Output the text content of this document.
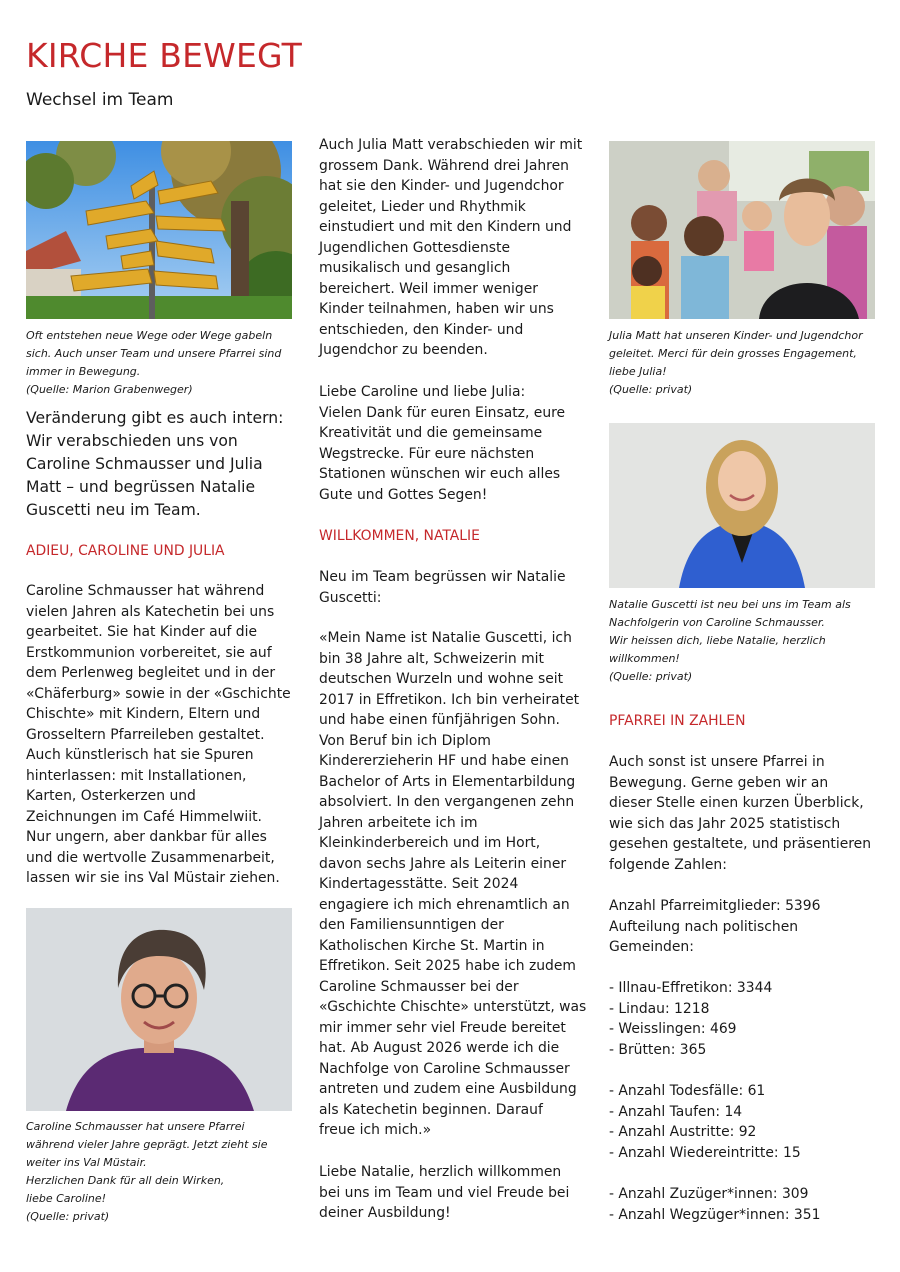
KIRCHE BEWEGT
Wechsel im Team

Oft entstehen neue Wege oder Wege gabeln
sich. Auch unser Team und unsere Pfarrei sind
immer in Bewegung.
(Quelle: Marion Grabenweger)

Veränderung gibt es auch intern:
Wir verabschieden uns von
Caroline Schmausser und Julia
Matt – und begrüssen Natalie
Guscetti neu im Team.

ADIEU, CAROLINE UND JULIA

Caroline Schmausser hat während
vielen Jahren als Katechetin bei uns
gearbeitet. Sie hat Kinder auf die
Erstkommunion vorbereitet, sie auf
dem Perlenweg begleitet und in der
«Chäferburg» sowie in der «Gschichte
Chischte» mit Kindern, Eltern und
Grosseltern Pfarreileben gestaltet.
Auch künstlerisch hat sie Spuren
hinterlassen: mit Installationen,
Karten, Osterkerzen und
Zeichnungen im Café Himmelwiit.
Nur ungern, aber dankbar für alles
und die wertvolle Zusammenarbeit,
lassen wir sie ins Val Müstair ziehen.

Caroline Schmausser hat unsere Pfarrei
während vieler Jahre geprägt. Jetzt zieht sie
weiter ins Val Müstair.
Herzlichen Dank für all dein Wirken,
liebe Caroline!
(Quelle: privat)

Auch Julia Matt verabschieden wir mit
grossem Dank. Während drei Jahren
hat sie den Kinder- und Jugendchor
geleitet, Lieder und Rhythmik
einstudiert und mit den Kindern und
Jugendlichen Gottesdienste
musikalisch und gesanglich
bereichert. Weil immer weniger
Kinder teilnahmen, haben wir uns
entschieden, den Kinder- und
Jugendchor zu beenden.

Liebe Caroline und liebe Julia:
Vielen Dank für euren Einsatz, eure
Kreativität und die gemeinsame
Wegstrecke. Für eure nächsten
Stationen wünschen wir euch alles
Gute und Gottes Segen!

WILLKOMMEN, NATALIE

Neu im Team begrüssen wir Natalie
Guscetti:

«Mein Name ist Natalie Guscetti, ich
bin 38 Jahre alt, Schweizerin mit
deutschen Wurzeln und wohne seit
2017 in Effretikon. Ich bin verheiratet
und habe einen fünfjährigen Sohn.
Von Beruf bin ich Diplom
Kindererzieherin HF und habe einen
Bachelor of Arts in Elementarbildung
absolviert. In den vergangenen zehn
Jahren arbeitete ich im
Kleinkinderbereich und im Hort,
davon sechs Jahre als Leiterin einer
Kindertagesstätte. Seit 2024
engagiere ich mich ehrenamtlich an
den Familiensunntigen der
Katholischen Kirche St. Martin in
Effretikon. Seit 2025 habe ich zudem
Caroline Schmausser bei der
«Gschichte Chischte» unterstützt, was
mir immer sehr viel Freude bereitet
hat. Ab August 2026 werde ich die
Nachfolge von Caroline Schmausser
antreten und zudem eine Ausbildung
als Katechetin beginnen. Darauf
freue ich mich.»

Liebe Natalie, herzlich willkommen
bei uns im Team und viel Freude bei
deiner Ausbildung!

Julia Matt hat unseren Kinder- und Jugendchor
geleitet. Merci für dein grosses Engagement,
liebe Julia!
(Quelle: privat)

Natalie Guscetti ist neu bei uns im Team als
Nachfolgerin von Caroline Schmausser.
Wir heissen dich, liebe Natalie, herzlich
willkommen!
(Quelle: privat)

PFARREI IN ZAHLEN

Auch sonst ist unsere Pfarrei in
Bewegung. Gerne geben wir an
dieser Stelle einen kurzen Überblick,
wie sich das Jahr 2025 statistisch
gesehen gestaltete, und präsentieren
folgende Zahlen:

Anzahl Pfarreimitglieder: 5396
Aufteilung nach politischen
Gemeinden:

- Illnau-Effretikon: 3344
- Lindau: 1218
- Weisslingen: 469
- Brütten: 365

- Anzahl Todesfälle: 61
- Anzahl Taufen: 14
- Anzahl Austritte: 92
- Anzahl Wiedereintritte: 15

- Anzahl Zuzüger*innen: 309
- Anzahl Wegzüger*innen: 351
